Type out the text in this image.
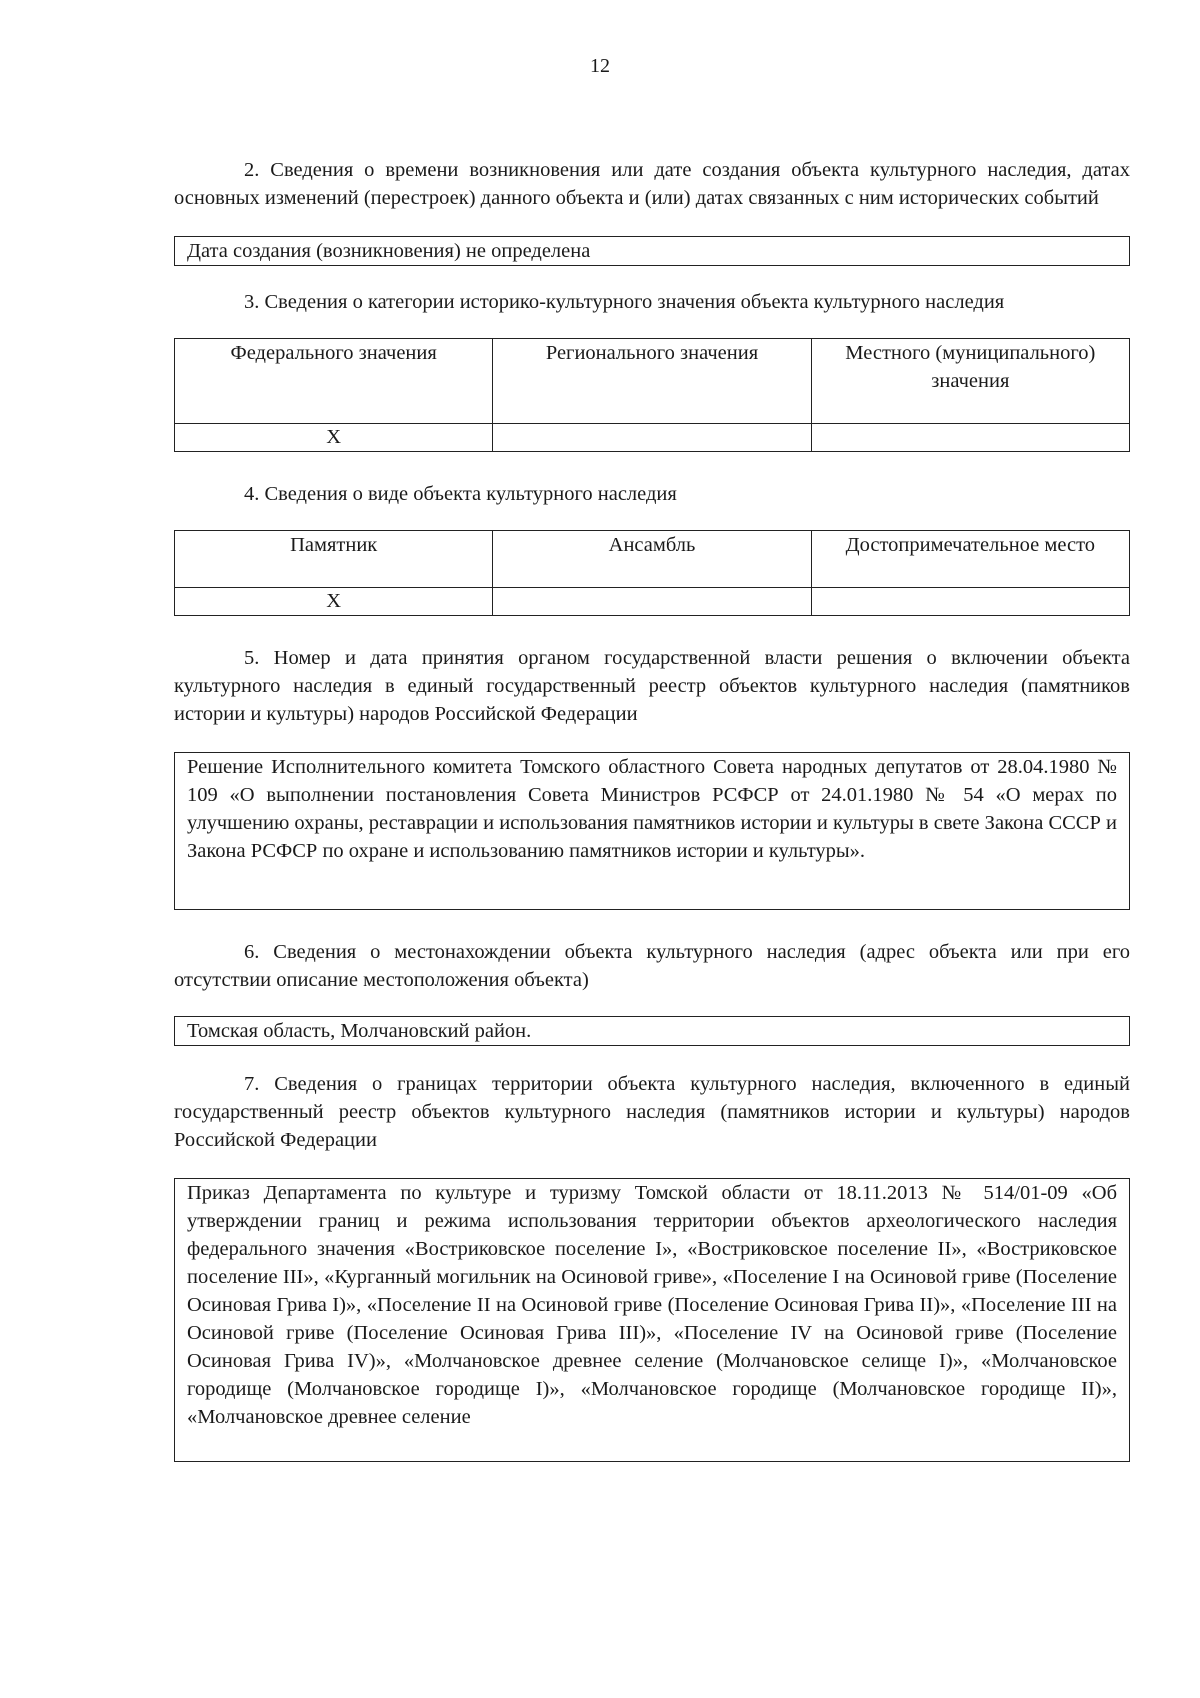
12

2. Сведения о времени возникновения или дате создания объекта культурного наследия, датах основных изменений (перестроек) данного объекта и (или) датах связанных с ним исторических событий

Дата создания (возникновения) не определена

3. Сведения о категории историко-культурного значения объекта культурного наследия

Федерального значения	Регионального значения	Местного (муниципального) значения
Х		

4. Сведения о виде объекта культурного наследия

Памятник	Ансамбль	Достопримечательное место
Х		

5. Номер и дата принятия органом государственной власти решения о включении объекта культурного наследия в единый государственный реестр объектов культурного наследия (памятников истории и культуры) народов Российской Федерации

Решение Исполнительного комитета Томского областного Совета народных депутатов от 28.04.1980 № 109 «О выполнении постановления Совета Министров РСФСР от 24.01.1980 № 54 «О мерах по улучшению охраны, реставрации и использования памятников истории и культуры в свете Закона СССР и Закона РСФСР по охране и использованию памятников истории и культуры».

6. Сведения о местонахождении объекта культурного наследия (адрес объекта или при его отсутствии описание местоположения объекта)

Томская область, Молчановский район.

7. Сведения о границах территории объекта культурного наследия, включенного в единый государственный реестр объектов культурного наследия (памятников истории и культуры) народов Российской Федерации

Приказ Департамента по культуре и туризму Томской области от 18.11.2013 № 514/01-09 «Об утверждении границ и режима использования территории объектов археологического наследия федерального значения «Востриковское поселение I», «Востриковское поселение II», «Востриковское поселение III», «Курганный могильник на Осиновой гриве», «Поселение I на Осиновой гриве (Поселение Осиновая Грива I)», «Поселение II на Осиновой гриве (Поселение Осиновая Грива II)», «Поселение III на Осиновой гриве (Поселение Осиновая Грива III)», «Поселение IV на Осиновой гриве (Поселение Осиновая Грива IV)», «Молчановское древнее селение (Молчановское селище I)», «Молчановское городище (Молчановское городище I)», «Молчановское городище (Молчановское городище II)», «Молчановское древнее селение
